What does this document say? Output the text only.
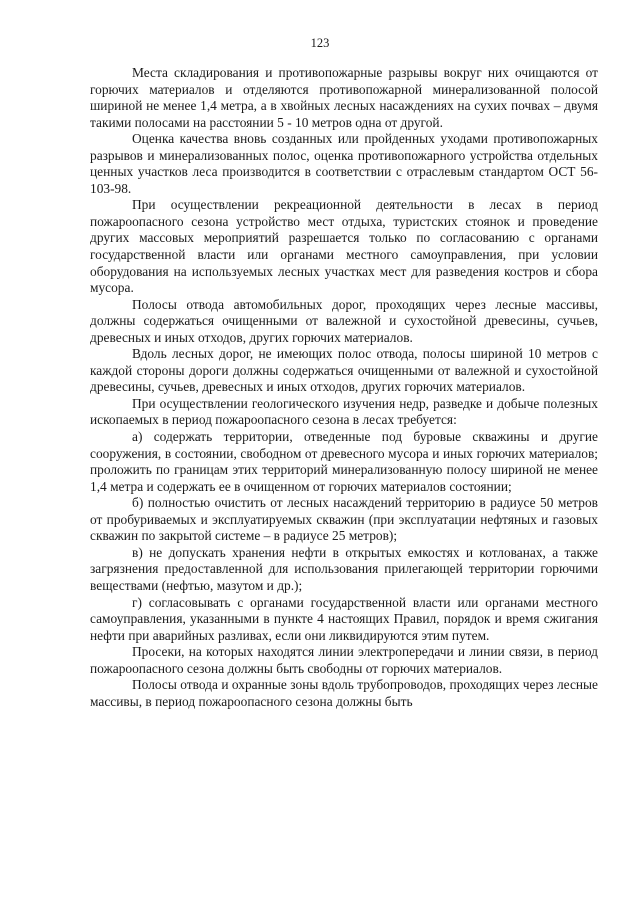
123

Места складирования и противопожарные разрывы вокруг них очищаются от горючих материалов и отделяются противопожарной минерализованной полосой шириной не менее 1,4 метра, а в хвойных лесных насаждениях на сухих почвах – двумя такими полосами на расстоянии 5 - 10 метров одна от другой.

Оценка качества вновь созданных или пройденных уходами противопожарных разрывов и минерализованных полос, оценка противопожарного устройства отдельных ценных участков леса производится в соответствии с отраслевым стандартом ОСТ 56-103-98.

При осуществлении рекреационной деятельности в лесах в период пожароопасного сезона устройство мест отдыха, туристских стоянок и проведение других массовых мероприятий разрешается только по согласованию с органами государственной власти или органами местного самоуправления, при условии оборудования на используемых лесных участках мест для разведения костров и сбора мусора.

Полосы отвода автомобильных дорог, проходящих через лесные массивы, должны содержаться очищенными от валежной и сухостойной древесины, сучьев, древесных и иных отходов, других горючих материалов.

Вдоль лесных дорог, не имеющих полос отвода, полосы шириной 10 метров с каждой стороны дороги должны содержаться очищенными от валежной и сухостойной древесины, сучьев, древесных и иных отходов, других горючих материалов.

При осуществлении геологического изучения недр, разведке и добыче полезных ископаемых в период пожароопасного сезона в лесах требуется:

а) содержать территории, отведенные под буровые скважины и другие сооружения, в состоянии, свободном от древесного мусора и иных горючих материалов; проложить по границам этих территорий минерализованную полосу шириной не менее 1,4 метра и содержать ее в очищенном от горючих материалов состоянии;

б) полностью очистить от лесных насаждений территорию в радиусе 50 метров от пробуриваемых и эксплуатируемых скважин (при эксплуатации нефтяных и газовых скважин по закрытой системе – в радиусе 25 метров);

в) не допускать хранения нефти в открытых емкостях и котлованах, а также загрязнения предоставленной для использования прилегающей территории горючими веществами (нефтью, мазутом и др.);

г) согласовывать с органами государственной власти или органами местного самоуправления, указанными в пункте 4 настоящих Правил, порядок и время сжигания нефти при аварийных разливах, если они ликвидируются этим путем.

Просеки, на которых находятся линии электропередачи и линии связи, в период пожароопасного сезона должны быть свободны от горючих материалов.

Полосы отвода и охранные зоны вдоль трубопроводов, проходящих через лесные массивы, в период пожароопасного сезона должны быть
